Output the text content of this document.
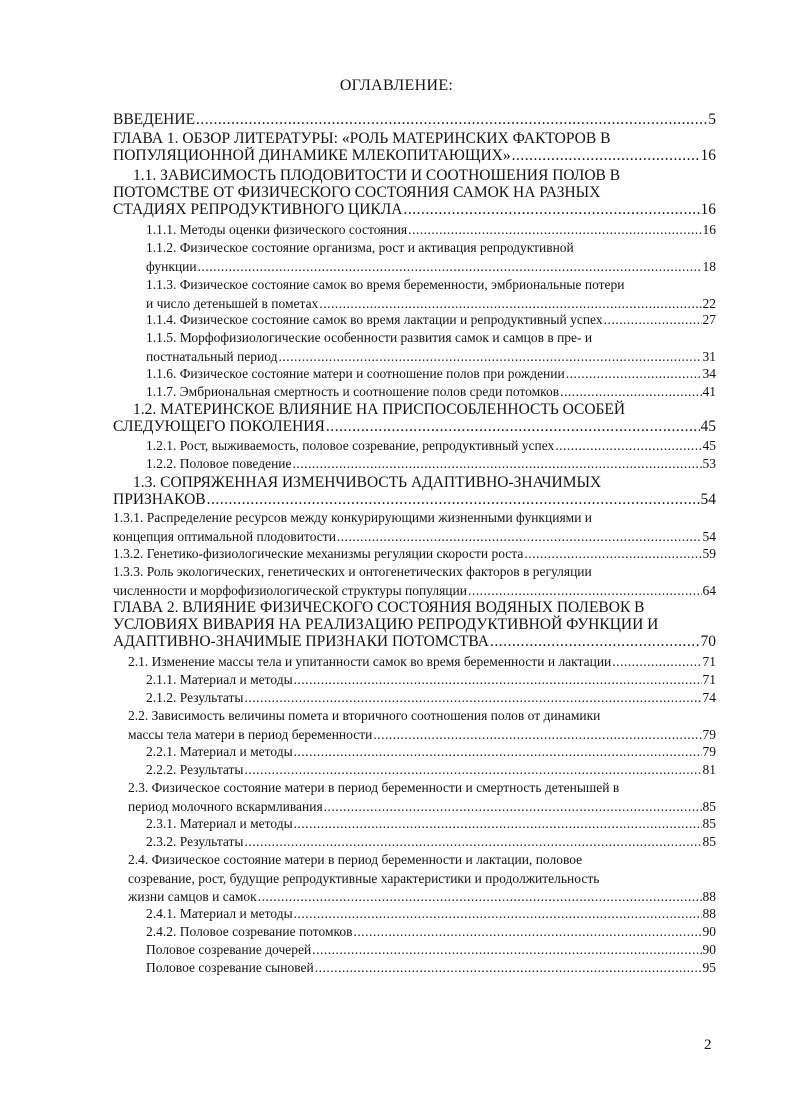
ОГЛАВЛЕНИЕ:
ВВЕДЕНИЕ .....	5
ГЛАВА 1. ОБЗОР ЛИТЕРАТУРЫ: «РОЛЬ МАТЕРИНСКИХ ФАКТОРОВ В
ПОПУЛЯЦИОННОЙ ДИНАМИКЕ МЛЕКОПИТАЮЩИХ» .....	16
1.1. ЗАВИСИМОСТЬ ПЛОДОВИТОСТИ И СООТНОШЕНИЯ ПОЛОВ В
ПОТОМСТВЕ ОТ ФИЗИЧЕСКОГО СОСТОЯНИЯ САМОК НА РАЗНЫХ
СТАДИЯХ РЕПРОДУКТИВНОГО ЦИКЛА .....	16
1.1.1. Методы оценки физического состояния .....	16
1.1.2. Физическое состояние организма, рост и активация репродуктивной
функции .....	18
1.1.3. Физическое состояние самок во время беременности, эмбриональные потери
и число детенышей в пометах .....	22
1.1.4. Физическое состояние самок во время лактации и репродуктивный успех .....	27
1.1.5. Морфофизиологические особенности развития самок и самцов в пре- и
постнатальный период .....	31
1.1.6. Физическое состояние матери и соотношение полов при рождении .....	34
1.1.7. Эмбриональная смертность и соотношение полов среди потомков .....	41
1.2. МАТЕРИНСКОЕ ВЛИЯНИЕ НА ПРИСПОСОБЛЕННОСТЬ ОСОБЕЙ
СЛЕДУЮЩЕГО ПОКОЛЕНИЯ .....	45
1.2.1. Рост, выживаемость, половое созревание, репродуктивный успех .....	45
1.2.2. Половое поведение .....	53
1.3. СОПРЯЖЕННАЯ ИЗМЕНЧИВОСТЬ АДАПТИВНО-ЗНАЧИМЫХ
ПРИЗНАКОВ .....	54
1.3.1. Распределение ресурсов между конкурирующими жизненными функциями и
концепция оптимальной плодовитости .....	54
1.3.2. Генетико-физиологические механизмы регуляции скорости роста .....	59
1.3.3. Роль экологических, генетических и онтогенетических факторов в регуляции
численности и морфофизиологической структуры популяции .....	64
ГЛАВА 2. ВЛИЯНИЕ ФИЗИЧЕСКОГО СОСТОЯНИЯ ВОДЯНЫХ ПОЛЕВОК В
УСЛОВИЯХ ВИВАРИЯ НА РЕАЛИЗАЦИЮ РЕПРОДУКТИВНОЙ ФУНКЦИИ И
АДАПТИВНО-ЗНАЧИМЫЕ ПРИЗНАКИ ПОТОМСТВА .....	70
2.1. Изменение массы тела и упитанности самок во время беременности и лактации .....	71
2.1.1. Материал и методы .....	71
2.1.2. Результаты .....	74
2.2. Зависимость величины помета и вторичного соотношения полов от динамики
массы тела матери в период беременности .....	79
2.2.1. Материал и методы .....	79
2.2.2. Результаты .....	81
2.3. Физическое состояние матери в период беременности и смертность детенышей в
период молочного вскармливания .....	85
2.3.1. Материал и методы .....	85
2.3.2. Результаты .....	85
2.4. Физическое состояние матери в период беременности и лактации, половое
созревание, рост, будущие репродуктивные характеристики и продолжительность
жизни самцов и самок .....	88
2.4.1. Материал и методы .....	88
2.4.2. Половое созревание потомков .....	90
Половое созревание дочерей .....	90
Половое созревание сыновей .....	95
2
